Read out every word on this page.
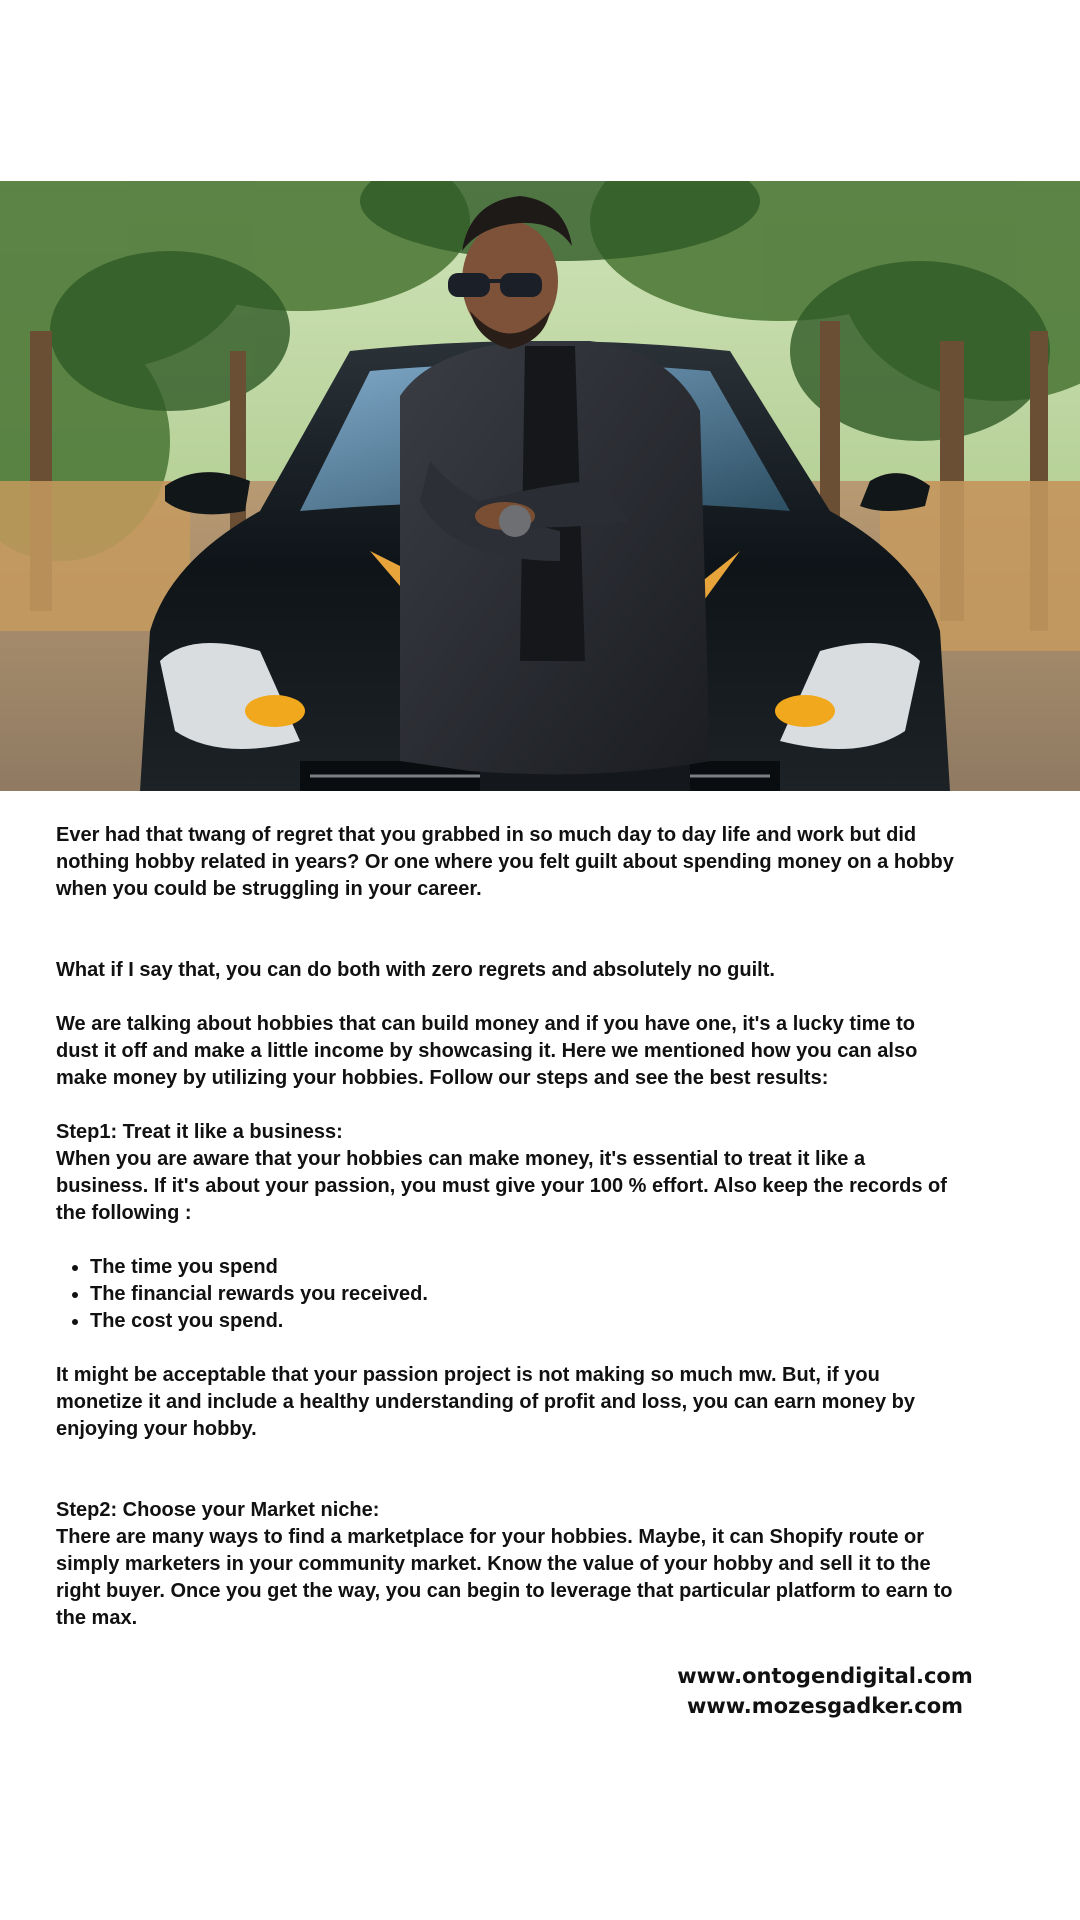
Ever had that twang of regret that you grabbed in so much day to day life and work but did nothing hobby related in years? Or one where you felt guilt about spending money on a hobby when you could be struggling in your career.

What if I say that, you can do both with zero regrets and absolutely no guilt.

We are talking about hobbies that can build money and if you have one, it's a lucky time to dust it off and make a little income by showcasing it. Here we mentioned how you can also make money by utilizing your hobbies. Follow our steps and see the best results:

Step1: Treat it like a business:

When you are aware that your hobbies can make money, it's essential to treat it like a business. If it's about your passion, you must give your 100 % effort. Also keep the records of the following :

• The time you spend
• The financial rewards you received.
• The cost you spend.

It might be acceptable that your passion project is not making so much mw. But, if you monetize it and include a healthy understanding of profit and loss, you can earn money by enjoying your hobby.

Step2: Choose your Market niche:

There are many ways to find a marketplace for your hobbies. Maybe, it can Shopify route or simply marketers in your community market. Know the value of your hobby and sell it to the right buyer. Once you get the way, you can begin to leverage that particular platform to earn to the max.

www.ontogendigital.com
www.mozesgadker.com
